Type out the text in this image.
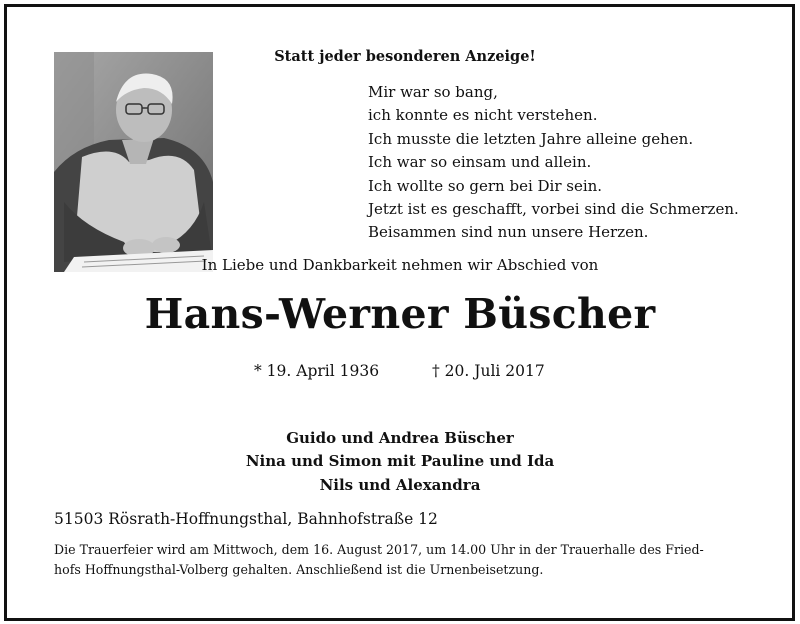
Statt jeder besonderen Anzeige!
Mir war so bang,
ich konnte es nicht verstehen.
Ich musste die letzten Jahre alleine gehen.
Ich war so einsam und allein.
Ich wollte so gern bei Dir sein.
Jetzt ist es geschafft, vorbei sind die Schmerzen.
Beisammen sind nun unsere Herzen.
In Liebe und Dankbarkeit nehmen wir Abschied von
Hans-Werner Büscher
* 19. April 1936	† 20. Juli 2017
Guido und Andrea Büscher
Nina und Simon mit Pauline und Ida
Nils und Alexandra
51503 Rösrath-Hoffnungsthal, Bahnhofstraße 12
Die Trauerfeier wird am Mittwoch, dem 16. August 2017, um 14.00 Uhr in der Trauerhalle des Fried-
hofs Hoffnungsthal-Volberg gehalten. Anschließend ist die Urnenbeisetzung.
